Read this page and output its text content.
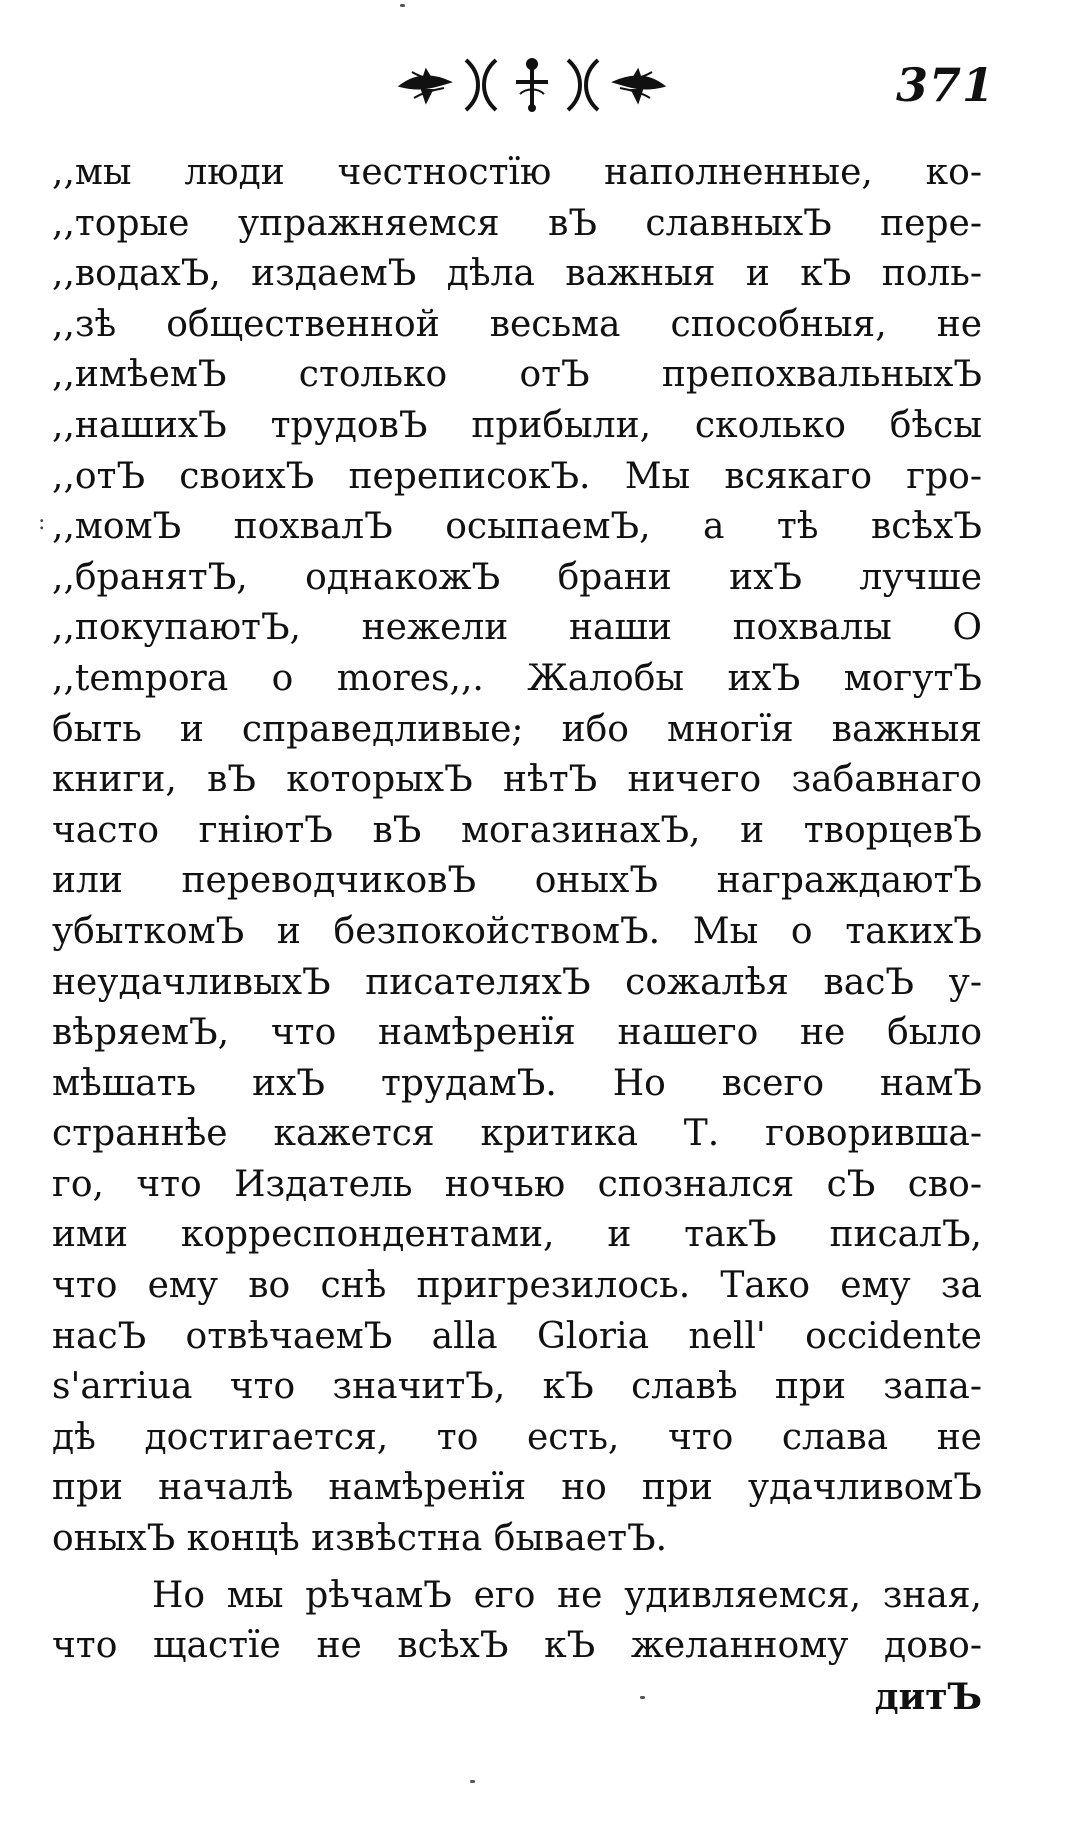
371
:
,,мы люди честностїю наполненные, ко-
,,торые упражняемся вЪ славныхЪ пере-
,,водахЪ, издаемЪ дѣла важныя и кЪ поль-
,,зѣ общественной весьма способныя, не
,,имѣемЪ столько отЪ препохвальныхЪ
,,нашихЪ трудовЪ прибыли, сколько бѣсы
,,отЪ своихЪ переписокЪ. Мы всякаго гро-
,,момЪ похвалЪ осыпаемЪ, а тѣ всѣхЪ
,,бранятЪ, однакожЪ брани ихЪ лучше
,,покупаютЪ, нежели наши похвалы О
,,tempora o mores,,. Жалобы ихЪ могутЪ
быть и справедливые; ибо многїя важныя
книги, вЪ которыхЪ нѣтЪ ничего забавнаго
часто гніютЪ вЪ могазинахЪ, и творцевЪ
или переводчиковЪ оныхЪ награждаютЪ
убыткомЪ и безпокойствомЪ. Мы о такихЪ
неудачливыхЪ писателяхЪ сожалѣя васЪ у-
вѣряемЪ, что намѣренїя нашего не было
мѣшать ихЪ трудамЪ. Но всего намЪ
страннѣе кажется критика Т. говорившa-
го, что Издатель ночью спознался сЪ сво-
ими корреспондентами, и такЪ писалЪ,
что ему во снѣ пригрезилось. Тако ему за
насЪ отвѣчаемЪ alla Gloria nell' occidente
s'arriua что значитЪ, кЪ славѣ при запа-
дѣ достигается, то есть, что слава не
при началѣ намѣренїя но при удачливомЪ
оныхЪ концѣ извѣстна бываетЪ.
Но мы рѣчамЪ его не удивляемся, зная,
что щастїе не всѣхЪ кЪ желанному дово-
дитЪ
